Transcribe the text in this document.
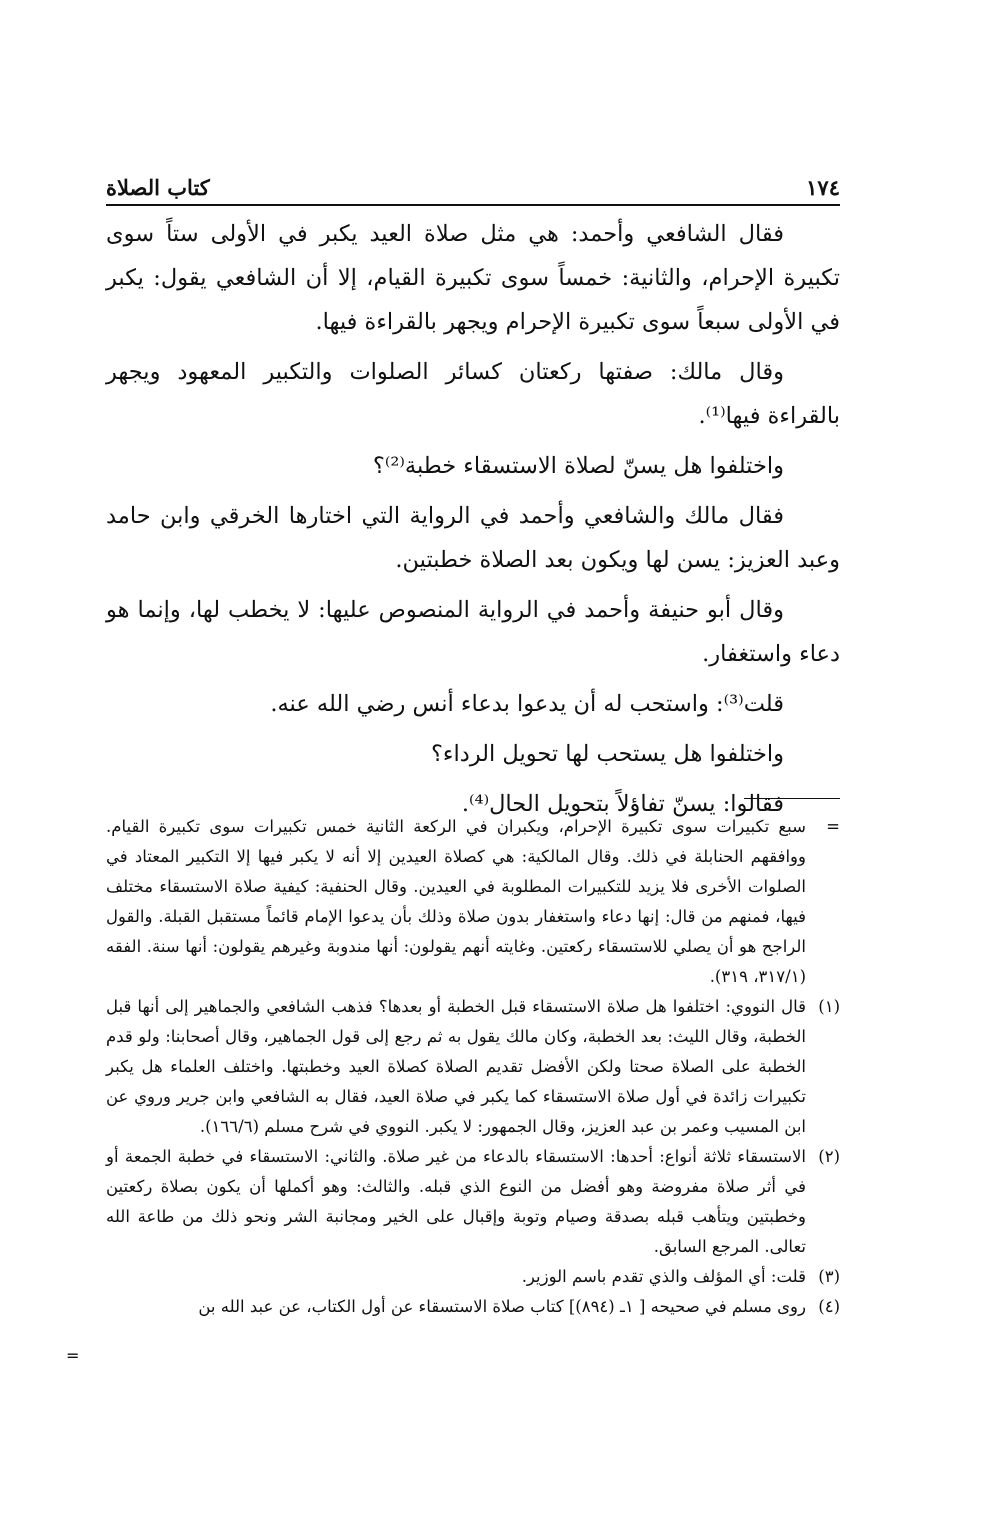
١٧٤
كتاب الصلاة

فقال الشافعي وأحمد: هي مثل صلاة العيد يكبر في الأولى ستاً سوى تكبيرة الإحرام، والثانية: خمساً سوى تكبيرة القيام، إلا أن الشافعي يقول: يكبر في الأولى سبعاً سوى تكبيرة الإحرام ويجهر بالقراءة فيها.

وقال مالك: صفتها ركعتان كسائر الصلوات والتكبير المعهود ويجهر بالقراءة فيها⁽¹⁾.

واختلفوا هل يسنّ لصلاة الاستسقاء خطبة⁽²⁾؟

فقال مالك والشافعي وأحمد في الرواية التي اختارها الخرقي وابن حامد وعبد العزيز: يسن لها ويكون بعد الصلاة خطبتين.

وقال أبو حنيفة وأحمد في الرواية المنصوص عليها: لا يخطب لها، وإنما هو دعاء واستغفار.

قلت⁽³⁾: واستحب له أن يدعوا بدعاء أنس رضي الله عنه.

واختلفوا هل يستحب لها تحويل الرداء؟

فقالوا: يسنّ تفاؤلاً بتحويل الحال⁽⁴⁾.

=
سبع تكبيرات سوى تكبيرة الإحرام، ويكبران في الركعة الثانية خمس تكبيرات سوى تكبيرة القيام. ووافقهم الحنابلة في ذلك. وقال المالكية: هي كصلاة العيدين إلا أنه لا يكبر فيها إلا التكبير المعتاد في الصلوات الأخرى فلا يزيد للتكبيرات المطلوبة في العيدين. وقال الحنفية: كيفية صلاة الاستسقاء مختلف فيها، فمنهم من قال: إنها دعاء واستغفار بدون صلاة وذلك بأن يدعوا الإمام قائماً مستقبل القبلة. والقول الراجح هو أن يصلي للاستسقاء ركعتين. وغايته أنهم يقولون: أنها مندوبة وغيرهم يقولون: أنها سنة. الفقه (٣١٧/١، ٣١٩).
(١)
قال النووي: اختلفوا هل صلاة الاستسقاء قبل الخطبة أو بعدها؟ فذهب الشافعي والجماهير إلى أنها قبل الخطبة، وقال الليث: بعد الخطبة، وكان مالك يقول به ثم رجع إلى قول الجماهير، وقال أصحابنا: ولو قدم الخطبة على الصلاة صحتا ولكن الأفضل تقديم الصلاة كصلاة العيد وخطبتها. واختلف العلماء هل يكبر تكبيرات زائدة في أول صلاة الاستسقاء كما يكبر في صلاة العيد، فقال به الشافعي وابن جرير وروي عن ابن المسيب وعمر بن عبد العزيز، وقال الجمهور: لا يكبر. النووي في شرح مسلم (١٦٦/٦).
(٢)
الاستسقاء ثلاثة أنواع: أحدها: الاستسقاء بالدعاء من غير صلاة. والثاني: الاستسقاء في خطبة الجمعة أو في أثر صلاة مفروضة وهو أفضل من النوع الذي قبله. والثالث: وهو أكملها أن يكون بصلاة ركعتين وخطبتين ويتأهب قبله بصدقة وصيام وتوبة وإقبال على الخير ومجانبة الشر ونحو ذلك من طاعة الله تعالى. المرجع السابق.
(٣)
قلت: أي المؤلف والذي تقدم باسم الوزير.
(٤)
روى مسلم في صحيحه [ ١ـ (٨٩٤)] كتاب صلاة الاستسقاء عن أول الكتاب، عن عبد الله بن
=
